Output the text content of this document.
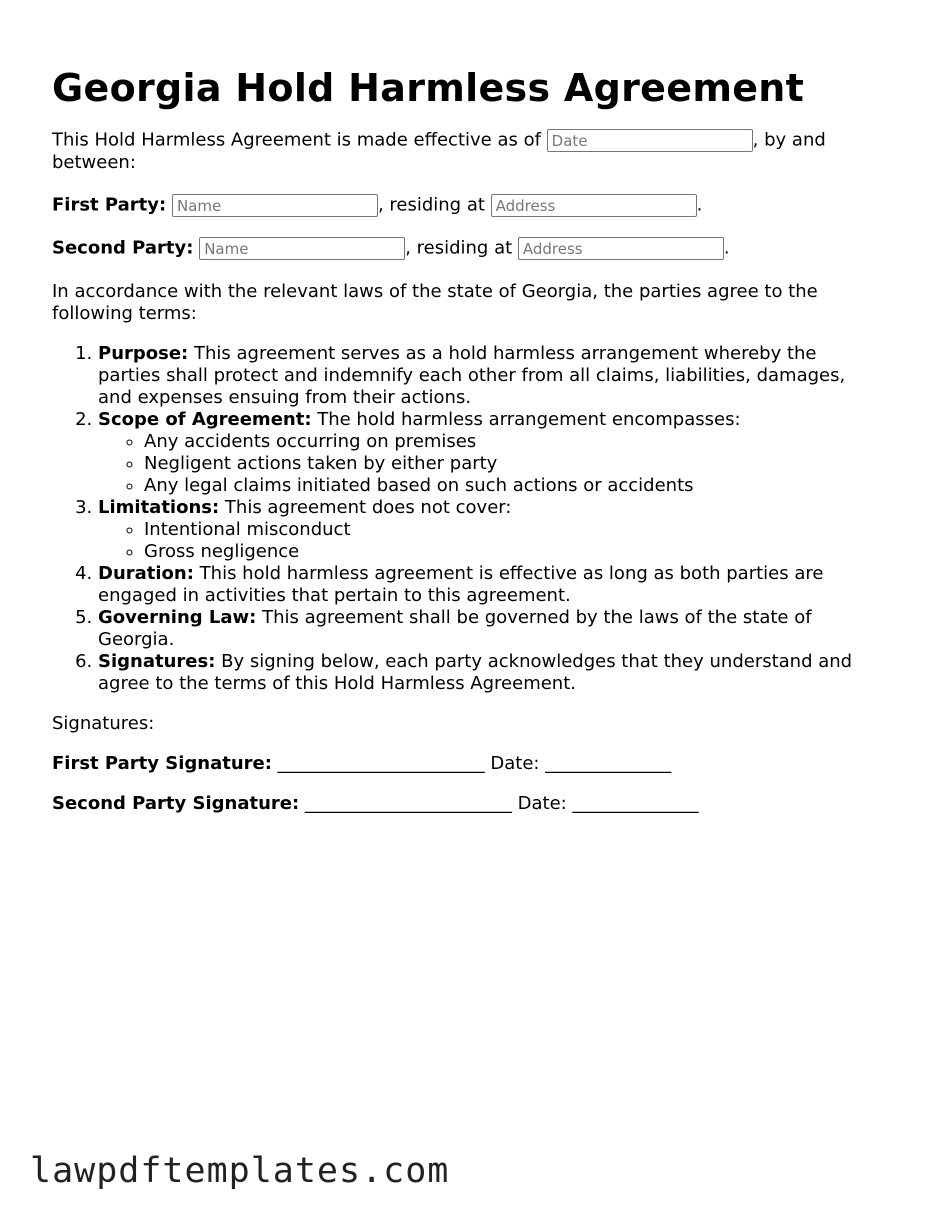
Georgia Hold Harmless Agreement

This Hold Harmless Agreement is made effective as of Date	, by and between:

First Party: Name	, residing at Address	.

Second Party: Name	, residing at Address	.

In accordance with the relevant laws of the state of Georgia, the parties agree to the following terms:

1. Purpose: This agreement serves as a hold harmless arrangement whereby the parties shall protect and indemnify each other from all claims, liabilities, damages, and expenses ensuing from their actions.
2. Scope of Agreement: The hold harmless arrangement encompasses:
◦ Any accidents occurring on premises
◦ Negligent actions taken by either party
◦ Any legal claims initiated based on such actions or accidents
3. Limitations: This agreement does not cover:
◦ Intentional misconduct
◦ Gross negligence
4. Duration: This hold harmless agreement is effective as long as both parties are engaged in activities that pertain to this agreement.
5. Governing Law: This agreement shall be governed by the laws of the state of Georgia.
6. Signatures: By signing below, each party acknowledges that they understand and agree to the terms of this Hold Harmless Agreement.

Signatures:

First Party Signature: _______________________ Date: ______________

Second Party Signature: _______________________ Date: ______________

lawpdftemplates.com
